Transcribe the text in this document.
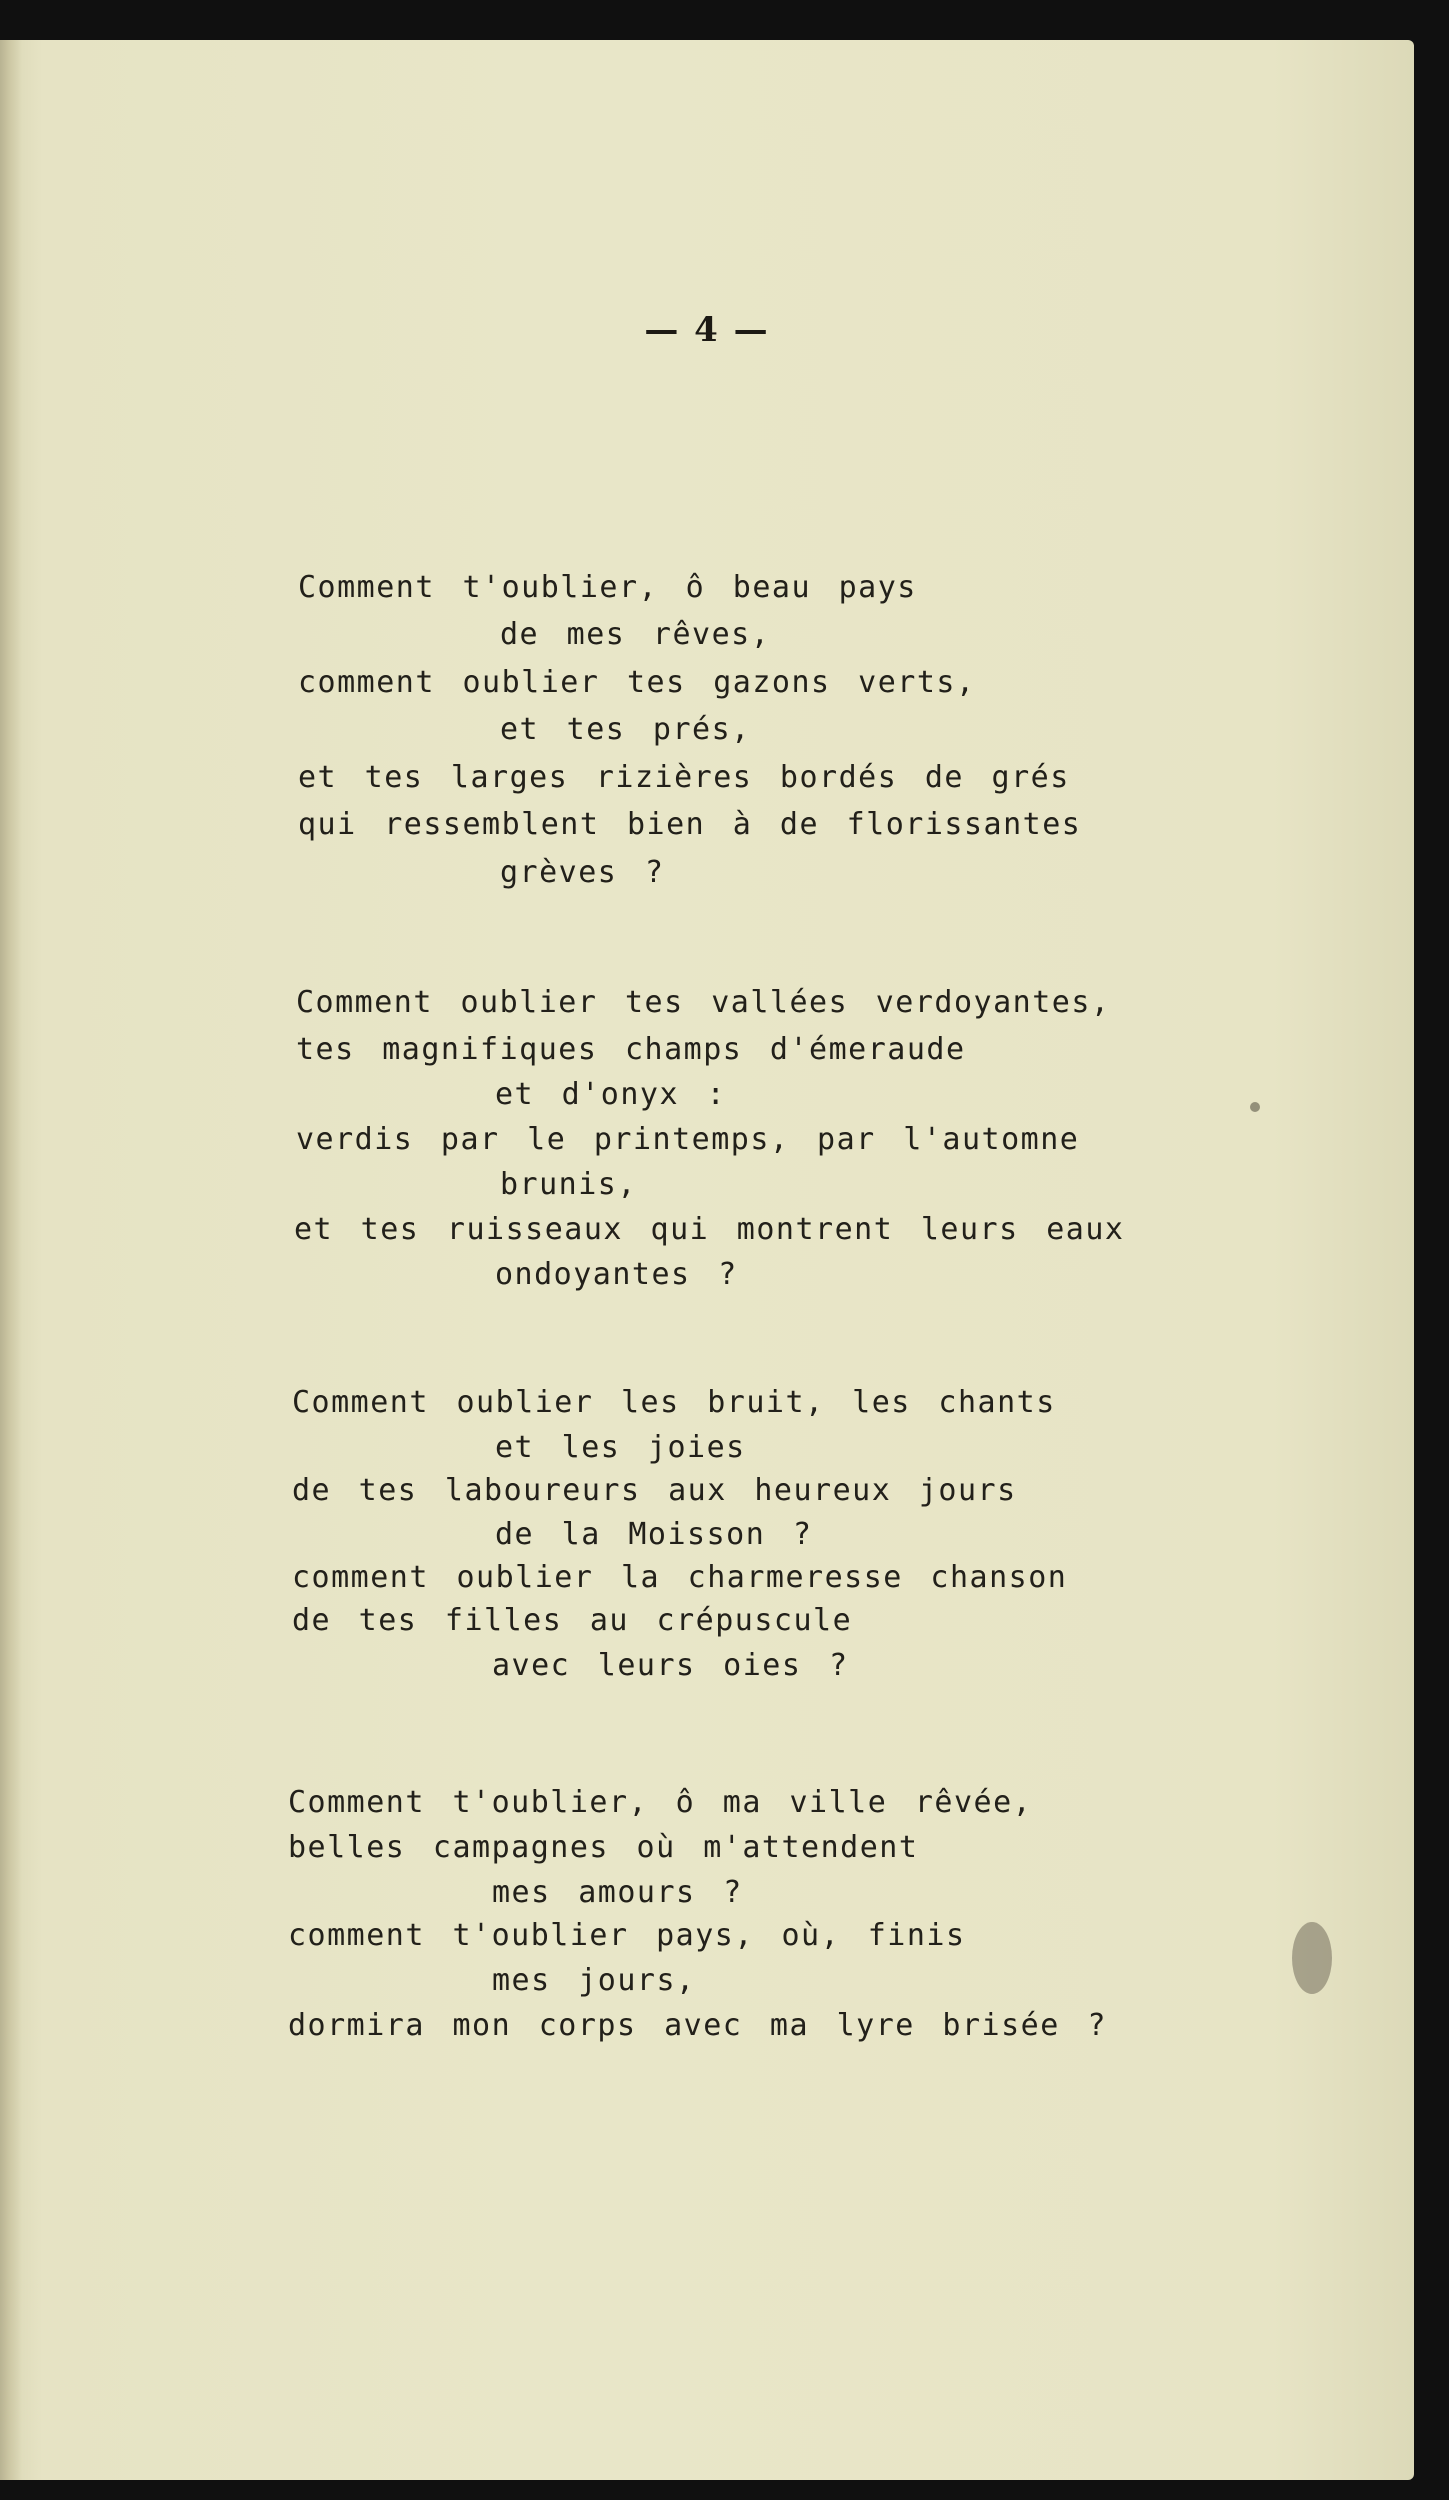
— 4 —
Comment t'oublier, ô beau pays
de mes rêves,
comment oublier tes gazons verts,
et tes prés,
et tes larges rizières bordés de grés
qui ressemblent bien à de florissantes
grèves ?
Comment oublier tes vallées verdoyantes,
tes magnifiques champs d'émeraude
et d'onyx :
verdis par le printemps, par l'automne
brunis,
et tes ruisseaux qui montrent leurs eaux
ondoyantes ?
Comment oublier les bruit, les chants
et les joies
de tes laboureurs aux heureux jours
de la Moisson ?
comment oublier la charmeresse chanson
de tes filles au crépuscule
avec leurs oies ?
Comment t'oublier, ô ma ville rêvée,
belles campagnes où m'attendent
mes amours ?
comment t'oublier pays, où, finis
mes jours,
dormira mon corps avec ma lyre brisée ?
